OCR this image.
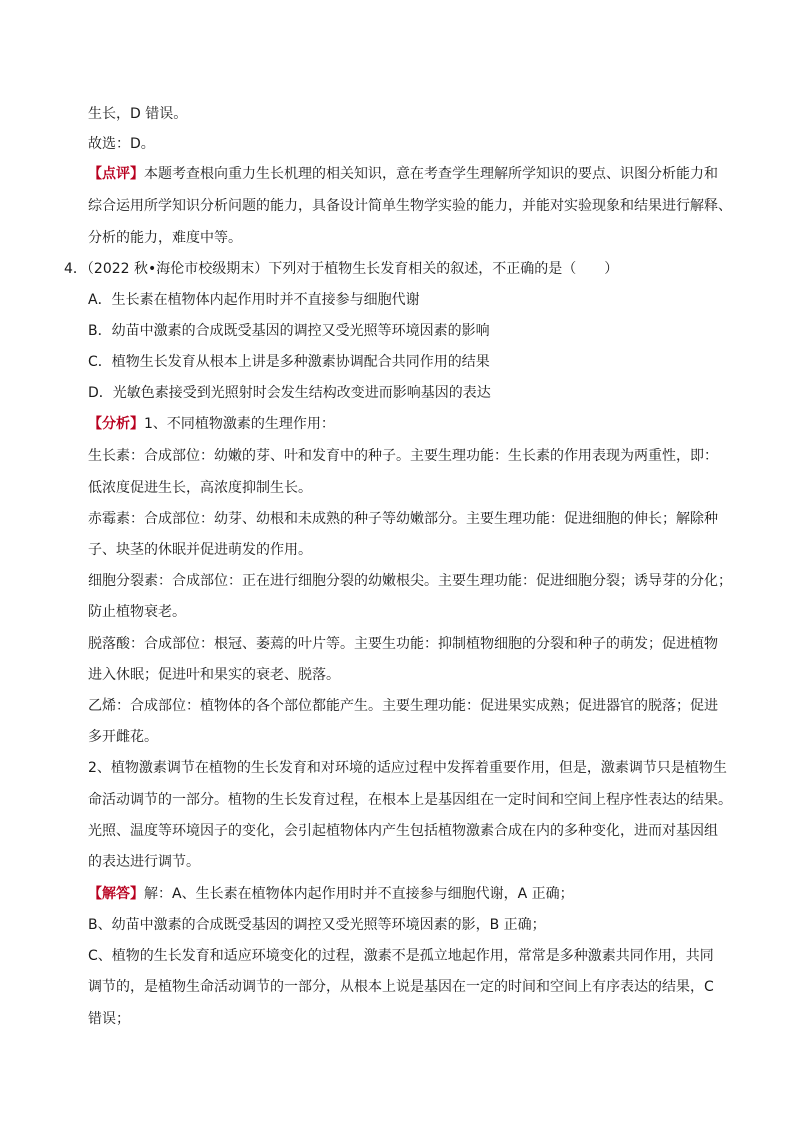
生长，D 错误。
故选：D。
【点评】本题考查根向重力生长机理的相关知识，意在考查学生理解所学知识的要点、识图分析能力和
综合运用所学知识分析问题的能力，具备设计简单生物学实验的能力，并能对实验现象和结果进行解释、
分析的能力，难度中等。
4．（2022 秋•海伦市校级期末）下列对于植物生长发育相关的叙述，不正确的是（　　）
A．生长素在植物体内起作用时并不直接参与细胞代谢
B．幼苗中激素的合成既受基因的调控又受光照等环境因素的影响
C．植物生长发育从根本上讲是多种激素协调配合共同作用的结果
D．光敏色素接受到光照射时会发生结构改变进而影响基因的表达
【分析】1、不同植物激素的生理作用：
生长素：合成部位：幼嫩的芽、叶和发育中的种子。主要生理功能：生长素的作用表现为两重性，即：
低浓度促进生长，高浓度抑制生长。
赤霉素：合成部位：幼芽、幼根和未成熟的种子等幼嫩部分。主要生理功能：促进细胞的伸长；解除种
子、块茎的休眠并促进萌发的作用。
细胞分裂素：合成部位：正在进行细胞分裂的幼嫩根尖。主要生理功能：促进细胞分裂；诱导芽的分化；
防止植物衰老。
脱落酸：合成部位：根冠、萎蔫的叶片等。主要生功能：抑制植物细胞的分裂和种子的萌发；促进植物
进入休眠；促进叶和果实的衰老、脱落。
乙烯：合成部位：植物体的各个部位都能产生。主要生理功能：促进果实成熟；促进器官的脱落；促进
多开雌花。
2、植物激素调节在植物的生长发育和对环境的适应过程中发挥着重要作用，但是，激素调节只是植物生
命活动调节的一部分。植物的生长发育过程，在根本上是基因组在一定时间和空间上程序性表达的结果。
光照、温度等环境因子的变化，会引起植物体内产生包括植物激素合成在内的多种变化，进而对基因组
的表达进行调节。
【解答】解：A、生长素在植物体内起作用时并不直接参与细胞代谢，A 正确；
B、幼苗中激素的合成既受基因的调控又受光照等环境因素的影，B 正确；
C、植物的生长发育和适应环境变化的过程，激素不是孤立地起作用，常常是多种激素共同作用，共同
调节的，是植物生命活动调节的一部分，从根本上说是基因在一定的时间和空间上有序表达的结果，C
错误；
